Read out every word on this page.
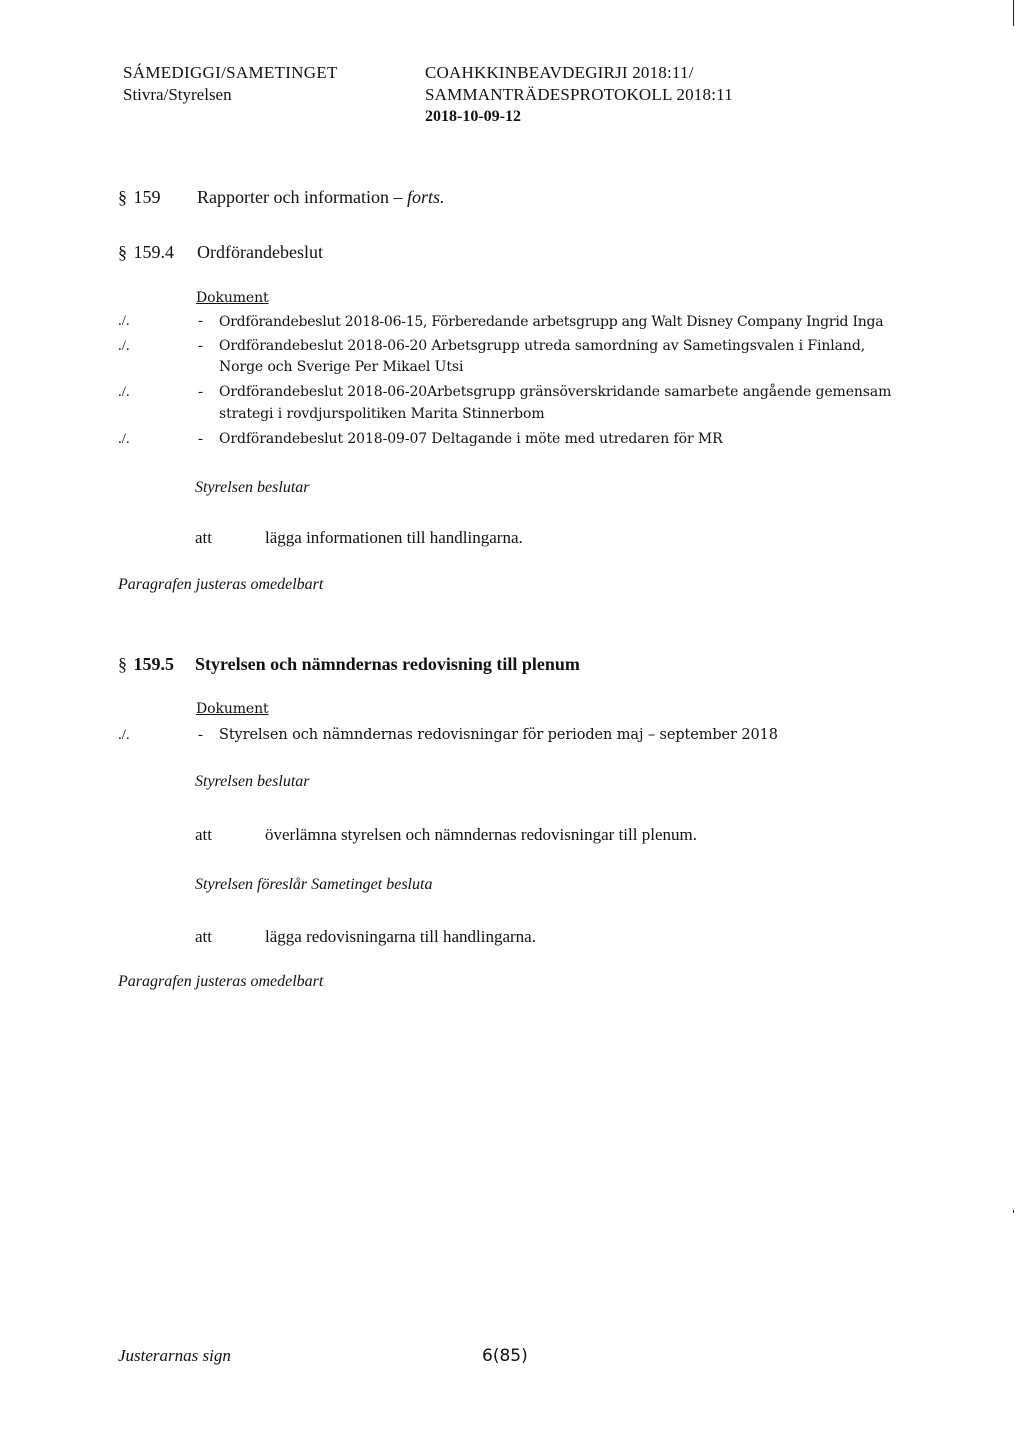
SÁMEDIGGI/SAMETINGET
Stivra/Styrelsen
COAHKKINBEAVDEGIRJI 2018:11/
SAMMANTRÄDESPROTOKOLL 2018:11
2018-10-09-12
§ 159 Rapporter och information – forts.
§ 159.4 Ordförandebeslut
Dokument
./.	- Ordförandebeslut 2018-06-15, Förberedande arbetsgrupp ang Walt Disney Company Ingrid Inga
./.	- Ordförandebeslut 2018-06-20 Arbetsgrupp utreda samordning av Sametingsvalen i Finland,
Norge och Sverige Per Mikael Utsi
./.	- Ordförandebeslut 2018-06-20Arbetsgrupp gränsöverskridande samarbete angående gemensam
strategi i rovdjurspolitiken Marita Stinnerbom
./.	- Ordförandebeslut 2018-09-07 Deltagande i möte med utredaren för MR
Styrelsen beslutar
att	lägga informationen till handlingarna.
Paragrafen justeras omedelbart
§ 159.5 Styrelsen och nämndernas redovisning till plenum
Dokument
./.	- Styrelsen och nämndernas redovisningar för perioden maj – september 2018
Styrelsen beslutar
att	överlämna styrelsen och nämndernas redovisningar till plenum.
Styrelsen föreslår Sametinget besluta
att	lägga redovisningarna till handlingarna.
Paragrafen justeras omedelbart
Justerarnas sign	6(85)
